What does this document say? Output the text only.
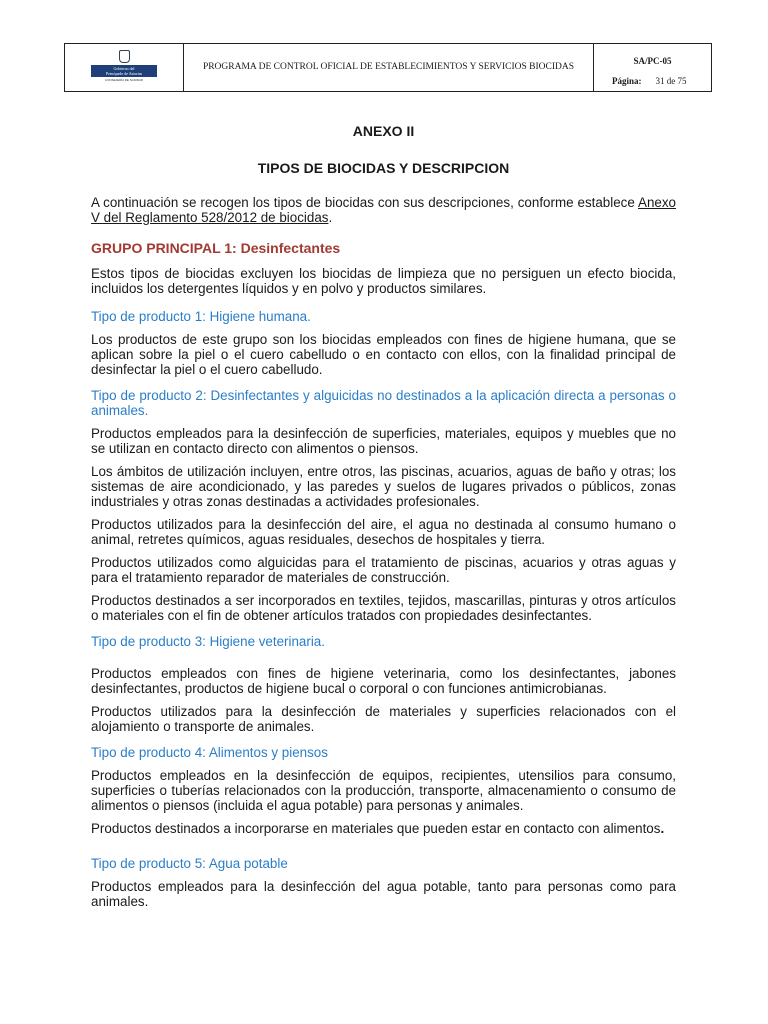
Gobierno del
Principado de Asturias
CONSEJERÍA DE SANIDAD
PROGRAMA DE CONTROL OFICIAL DE ESTABLECIMIENTOS Y SERVICIOS BIOCIDAS
SA/PC-05
Página: 31 de 75
ANEXO II
TIPOS DE BIOCIDAS Y DESCRIPCION

A continuación se recogen los tipos de biocidas con sus descripciones, conforme establece Anexo V del Reglamento 528/2012 de biocidas.

GRUPO PRINCIPAL 1: Desinfectantes

Estos tipos de biocidas excluyen los biocidas de limpieza que no persiguen un efecto biocida, incluidos los detergentes líquidos y en polvo y productos similares.

Tipo de producto 1: Higiene humana.

Los productos de este grupo son los biocidas empleados con fines de higiene humana, que se aplican sobre la piel o el cuero cabelludo o en contacto con ellos, con la finalidad principal de desinfectar la piel o el cuero cabelludo.

Tipo de producto 2: Desinfectantes y alguicidas no destinados a la aplicación directa a personas o animales.

Productos empleados para la desinfección de superficies, materiales, equipos y muebles que no se utilizan en contacto directo con alimentos o piensos.

Los ámbitos de utilización incluyen, entre otros, las piscinas, acuarios, aguas de baño y otras; los sistemas de aire acondicionado, y las paredes y suelos de lugares privados o públicos, zonas industriales y otras zonas destinadas a actividades profesionales.

Productos utilizados para la desinfección del aire, el agua no destinada al consumo humano o animal, retretes químicos, aguas residuales, desechos de hospitales y tierra.

Productos utilizados como alguicidas para el tratamiento de piscinas, acuarios y otras aguas y para el tratamiento reparador de materiales de construcción.

Productos destinados a ser incorporados en textiles, tejidos, mascarillas, pinturas y otros artículos o materiales con el fin de obtener artículos tratados con propiedades desinfectantes.

Tipo de producto 3: Higiene veterinaria.

Productos empleados con fines de higiene veterinaria, como los desinfectantes, jabones desinfectantes, productos de higiene bucal o corporal o con funciones antimicrobianas.

Productos utilizados para la desinfección de materiales y superficies relacionados con el alojamiento o transporte de animales.

Tipo de producto 4: Alimentos y piensos

Productos empleados en la desinfección de equipos, recipientes, utensilios para consumo, superficies o tuberías relacionados con la producción, transporte, almacenamiento o consumo de alimentos o piensos (incluida el agua potable) para personas y animales.

Productos destinados a incorporarse en materiales que pueden estar en contacto con alimentos.

Tipo de producto 5: Agua potable

Productos empleados para la desinfección del agua potable, tanto para personas como para animales.
